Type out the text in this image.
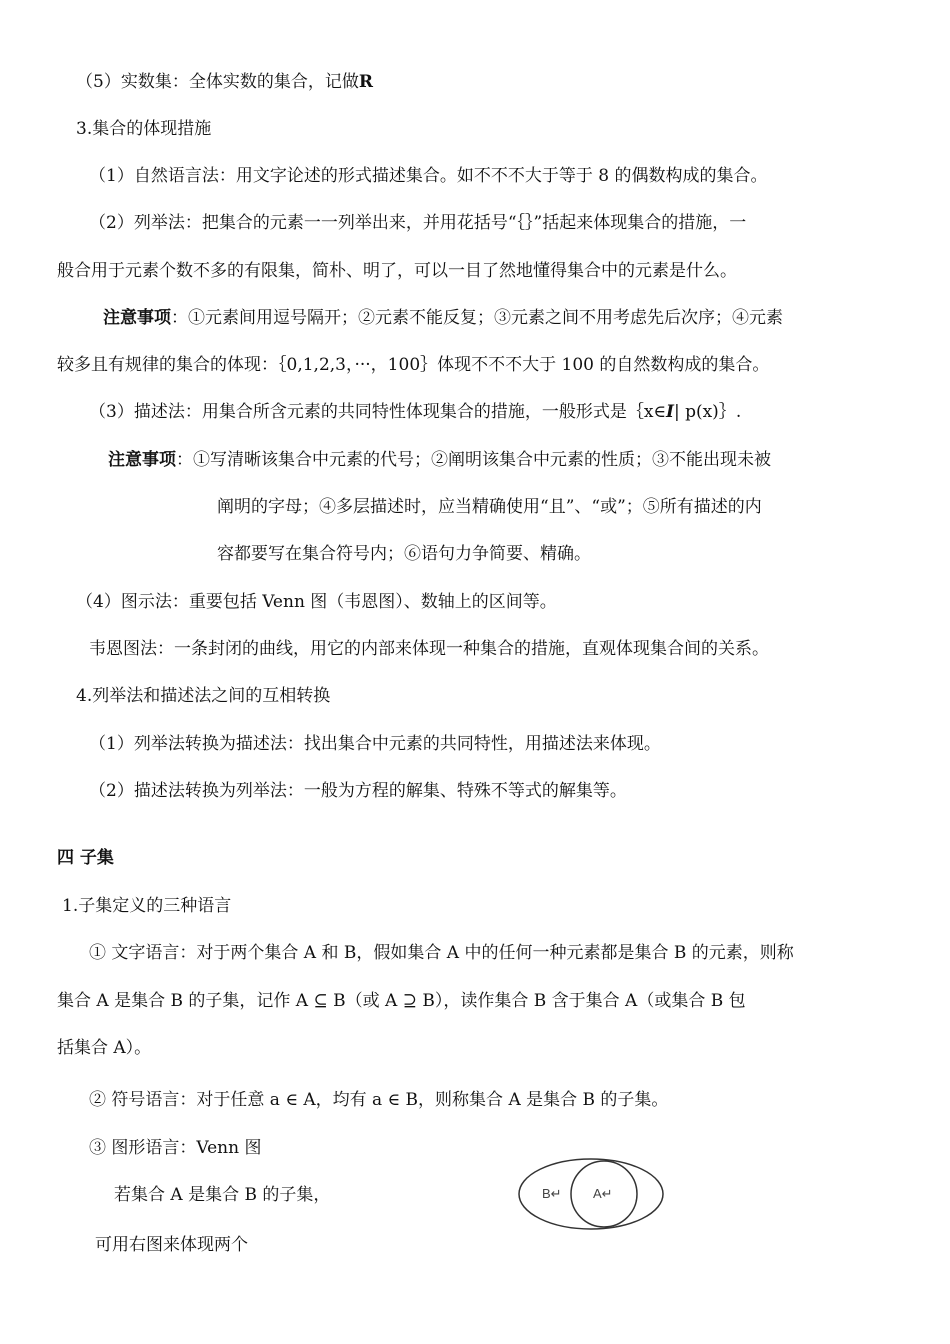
（5）实数集：全体实数的集合，记做R
3.集合的体现措施
（1）自然语言法：用文字论述的形式描述集合。如不不不大于等于 8 的偶数构成的集合。
（2）列举法：把集合的元素一一列举出来，并用花括号“｛｝”括起来体现集合的措施，一
般合用于元素个数不多的有限集，简朴、明了，可以一目了然地懂得集合中的元素是什么。
注意事项：①元素间用逗号隔开；②元素不能反复；③元素之间不用考虑先后次序；④元素
较多且有规律的集合的体现：｛0,1,2,3，···，100｝体现不不不大于 100 的自然数构成的集合。
（3）描述法：用集合所含元素的共同特性体现集合的措施，一般形式是｛x∈I| p(x)｝.
注意事项：①写清晰该集合中元素的代号；②阐明该集合中元素的性质；③不能出现未被
阐明的字母；④多层描述时，应当精确使用“且”、“或”；⑤所有描述的内
容都要写在集合符号内；⑥语句力争简要、精确。
（4）图示法：重要包括 Venn 图（韦恩图）、数轴上的区间等。
韦恩图法：一条封闭的曲线，用它的内部来体现一种集合的措施，直观体现集合间的关系。
4.列举法和描述法之间的互相转换
（1）列举法转换为描述法：找出集合中元素的共同特性，用描述法来体现。
（2）描述法转换为列举法：一般为方程的解集、特殊不等式的解集等。
四 子集
1.子集定义的三种语言
① 文字语言：对于两个集合 A 和 B，假如集合 A 中的任何一种元素都是集合 B 的元素，则称
集合 A 是集合 B 的子集，记作 A ⊆ B（或 A ⊇ B），读作集合 B 含于集合 A（或集合 B 包
括集合 A）。
② 符号语言：对于任意 a ∈ A，均有 a ∈ B，则称集合 A 是集合 B 的子集。
③ 图形语言：Venn 图
若集合 A 是集合 B 的子集，
可用右图来体现两个
B↵ A↵
